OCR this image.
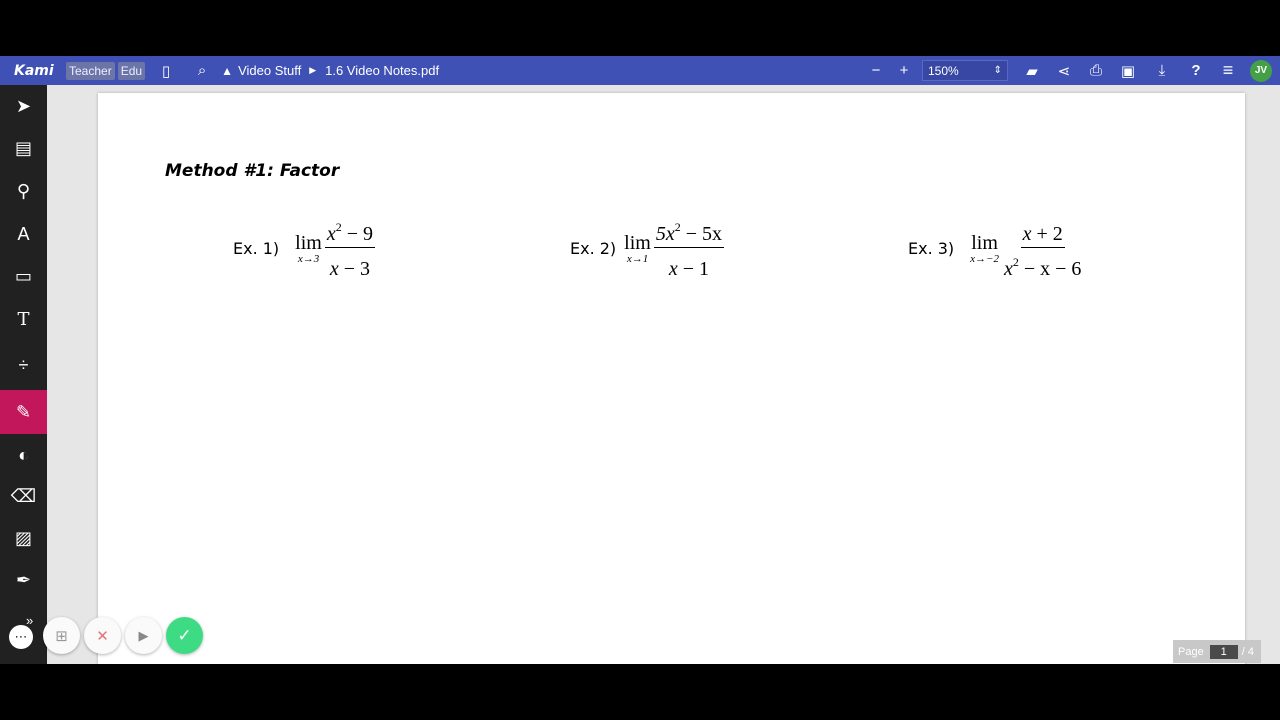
Kami	Teacher Edu	▯	⌕	▲ Video Stuff ▶ 1.6 Video Notes.pdf	−	+	150%	⇕	▰	⋖	⎙	▣	⤓	?	≡	JV
➤
▤
⚲
A
▭
T
÷
✎
◐
⌫
▨
✒
Method #1: Factor
Ex. 1) lim
$x\to 3 \frac{x^2 - 9}{x - 3}$	Ex. 2) lim
$x\to 1 \frac{5x^2 - 5x}{x - 1}$	Ex. 3) lim
$x\to-2 \frac{x + 2}{x^2 - x - 6}$
⋯
»
⊞	✕	▶	✓
Page	1	/ 4
